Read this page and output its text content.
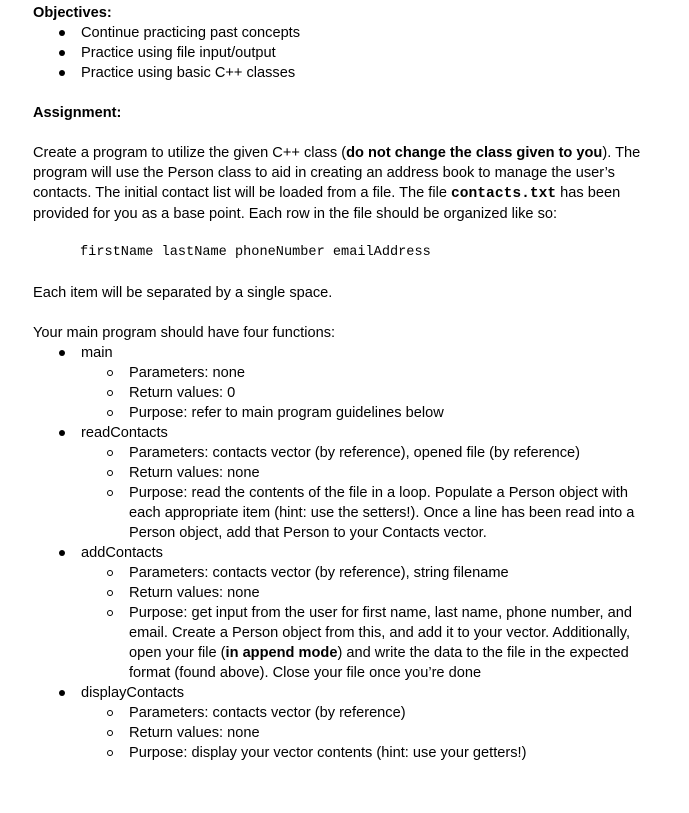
Objectives:
Continue practicing past concepts
Practice using file input/output
Practice using basic C++ classes
Assignment:

Create a program to utilize the given C++ class (do not change the class given to you). The program will use the Person class to aid in creating an address book to manage the user’s contacts. The initial contact list will be loaded from a file. The file contacts.txt has been provided for you as a base point. Each row in the file should be organized like so:

firstName lastName phoneNumber emailAddress

Each item will be separated by a single space.

Your main program should have four functions:

main
Parameters: none
Return values: 0
Purpose: refer to main program guidelines below
readContacts
Parameters: contacts vector (by reference), opened file (by reference)
Return values: none
Purpose: read the contents of the file in a loop. Populate a Person object with each appropriate item (hint: use the setters!). Once a line has been read into a Person object, add that Person to your Contacts vector.
addContacts
Parameters: contacts vector (by reference), string filename
Return values: none
Purpose: get input from the user for first name, last name, phone number, and email. Create a Person object from this, and add it to your vector. Additionally, open your file (in append mode) and write the data to the file in the expected format (found above). Close your file once you’re done
displayContacts
Parameters: contacts vector (by reference)
Return values: none
Purpose: display your vector contents (hint: use your getters!)
